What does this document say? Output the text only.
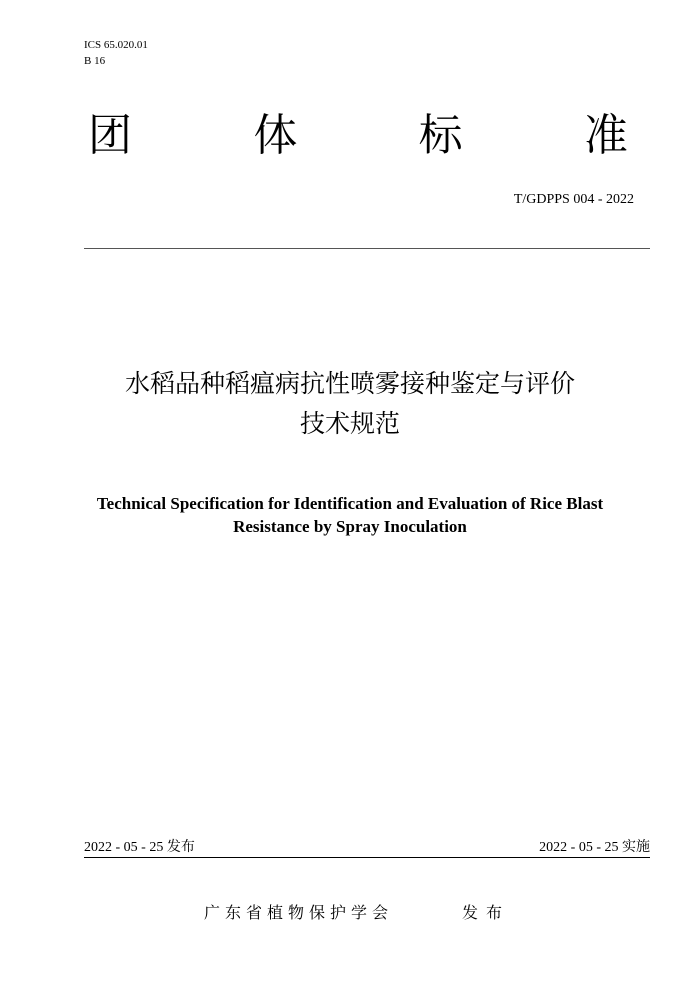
ICS 65.020.01
B 16
团	体	标	准
T/GDPPS 004 - 2022
水稻品种稻瘟病抗性喷雾接种鉴定与评价
技术规范
Technical Specification for Identification and Evaluation of Rice Blast
Resistance by Spray Inoculation
2022 - 05 - 25 发布	2022 - 05 - 25 实施
广东省植物保护学会	发布
